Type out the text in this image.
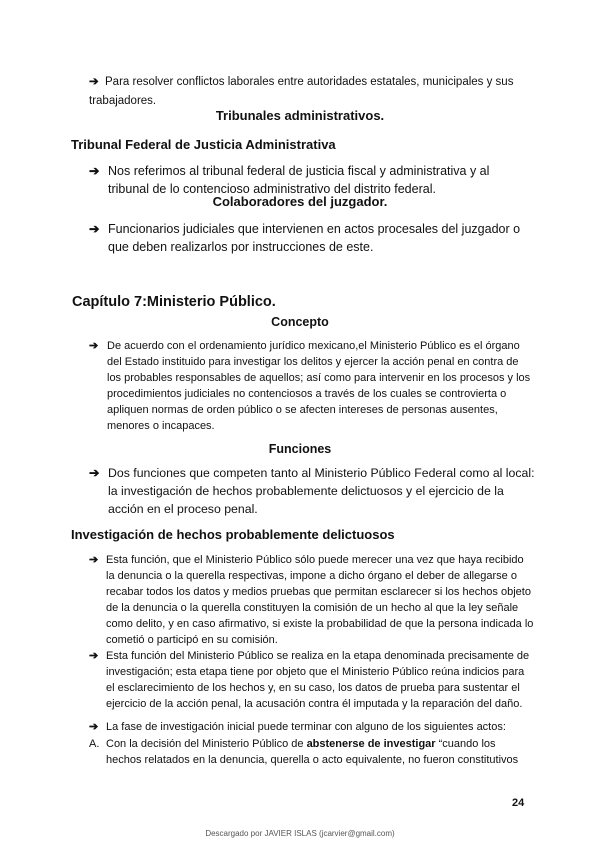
➔ Para resolver conflictos laborales entre autoridades estatales, municipales y sus trabajadores.
Tribunales administrativos.
Tribunal Federal de Justicia Administrativa
➔ Nos referimos al tribunal federal de justicia fiscal y administrativa y al tribunal de lo contencioso administrativo del distrito federal.
Colaboradores del juzgador.
➔ Funcionarios judiciales que intervienen en actos procesales del juzgador o que deben realizarlos por instrucciones de este.
Capítulo 7:Ministerio Público.
Concepto
➔ De acuerdo con el ordenamiento jurídico mexicano,el Ministerio Público es el órgano del Estado instituido para investigar los delitos y ejercer la acción penal en contra de los probables responsables de aquellos; así como para intervenir en los procesos y los procedimientos judiciales no contenciosos a través de los cuales se controvierta o apliquen normas de orden público o se afecten intereses de personas ausentes, menores o incapaces.
Funciones
➔ Dos funciones que competen tanto al Ministerio Público Federal como al local: la investigación de hechos probablemente delictuosos y el ejercicio de la acción en el proceso penal.
Investigación de hechos probablemente delictuosos
➔ Esta función, que el Ministerio Público sólo puede merecer una vez que haya recibido la denuncia o la querella respectivas, impone a dicho órgano el deber de allegarse o recabar todos los datos y medios pruebas que permitan esclarecer si los hechos objeto de la denuncia o la querella constituyen la comisión de un hecho al que la ley señale como delito, y en caso afirmativo, si existe la probabilidad de que la persona indicada lo cometió o participó en su comisión.
➔ Esta función del Ministerio Público se realiza en la etapa denominada precisamente de investigación; esta etapa tiene por objeto que el Ministerio Público reúna indicios para el esclarecimiento de los hechos y, en su caso, los datos de prueba para sustentar el ejercicio de la acción penal, la acusación contra él imputada y la reparación del daño.
➔ La fase de investigación inicial puede terminar con alguno de los siguientes actos:
A. Con la decisión del Ministerio Público de abstenerse de investigar “cuando los hechos relatados en la denuncia, querella o acto equivalente, no fueron constitutivos
24
Descargado por JAVIER ISLAS (jcarvier@gmail.com)
